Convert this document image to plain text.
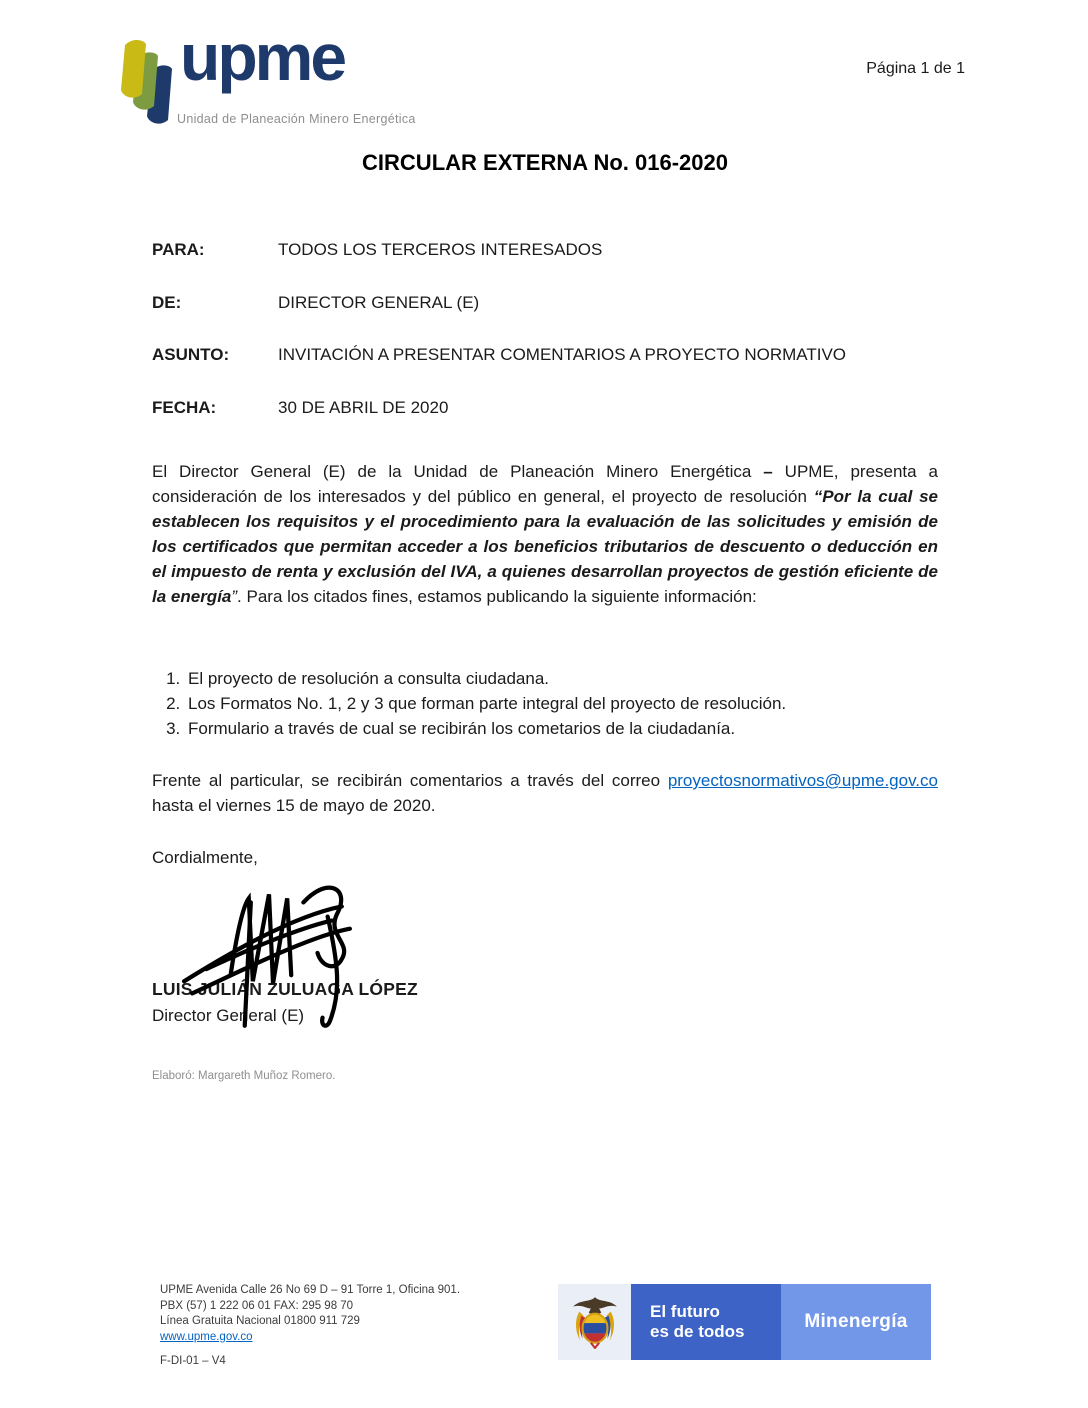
upme
Unidad de Planeación Minero Energética
Página 1 de 1
CIRCULAR EXTERNA No. 016-2020
PARA:	TODOS LOS TERCEROS INTERESADOS
DE:	DIRECTOR GENERAL (E)
ASUNTO:	INVITACIÓN A PRESENTAR COMENTARIOS A PROYECTO NORMATIVO
FECHA:	30 DE ABRIL DE 2020

El Director General (E) de la Unidad de Planeación Minero Energética – UPME, presenta a consideración de los interesados y del público en general, el proyecto de resolución “Por la cual se establecen los requisitos y el procedimiento para la evaluación de las solicitudes y emisión de los certificados que permitan acceder a los beneficios tributarios de descuento o deducción en el impuesto de renta y exclusión del IVA, a quienes desarrollan proyectos de gestión eficiente de la energía”. Para los citados fines, estamos publicando la siguiente información:

1. El proyecto de resolución a consulta ciudadana.
2. Los Formatos No. 1, 2 y 3 que forman parte integral del proyecto de resolución.
3. Formulario a través de cual se recibirán los cometarios de la ciudadanía.

Frente al particular, se recibirán comentarios a través del correo proyectosnormativos@upme.gov.co hasta el viernes 15 de mayo de 2020.

Cordialmente,
LUIS JULIÁN ZULUAGA LÓPEZ
Director General (E)
Elaboró: Margareth Muñoz Romero.
UPME Avenida Calle 26 No 69 D – 91 Torre 1, Oficina 901.
PBX (57) 1 222 06 01 FAX: 295 98 70
Línea Gratuita Nacional 01800 911 729
www.upme.gov.co
F-DI-01 – V4
El futuro
es de todos	Minenergía
